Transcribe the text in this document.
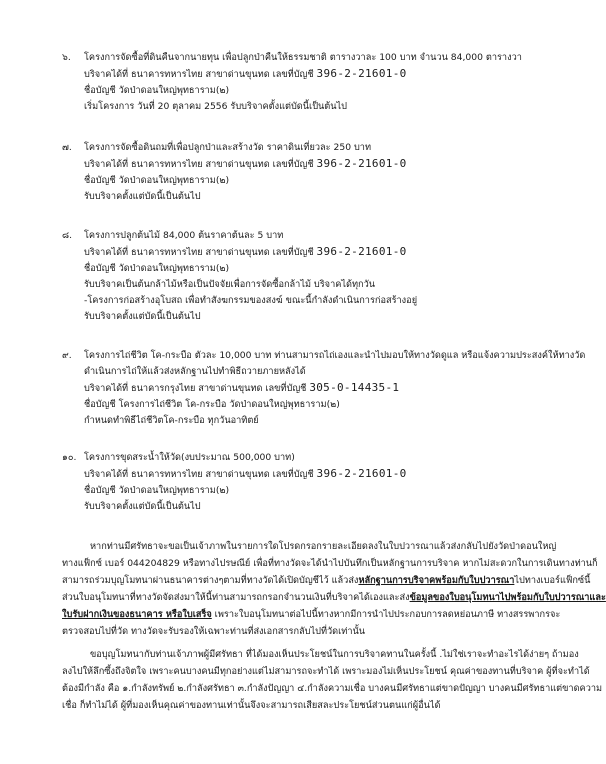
๖. โครงการจัดซื้อที่ดินคืนจากนายทุน เพื่อปลูกป่าคืนให้ธรรมชาติ ตารางวาละ 100 บาท จำนวน 84,000 ตารางวา
บริจาคได้ที่ ธนาคารทหารไทย สาขาด่านขุนทด เลขที่บัญชี 396-2-21601-0
ชื่อบัญชี วัดป่าดอนใหญ่พุทธาราม(๒)
เริ่มโครงการ วันที่ 20 ตุลาคม 2556 รับบริจาคตั้งแต่บัดนี้เป็นต้นไป
๗. โครงการจัดซื้อดินถมที่เพื่อปลูกป่าและสร้างวัด ราคาดินเที่ยวละ 250 บาท
บริจาคได้ที่ ธนาคารทหารไทย สาขาด่านขุนทด เลขที่บัญชี 396-2-21601-0
ชื่อบัญชี วัดป่าดอนใหญ่พุทธาราม(๒)
รับบริจาคตั้งแต่บัดนี้เป็นต้นไป
๘. โครงการปลูกต้นไม้ 84,000 ต้นราคาต้นละ 5 บาท
บริจาคได้ที่ ธนาคารทหารไทย สาขาด่านขุนทด เลขที่บัญชี 396-2-21601-0
ชื่อบัญชี วัดป่าดอนใหญ่พุทธาราม(๒)
รับบริจาคเป็นต้นกล้าไม้หรือเป็นปัจจัยเพื่อการจัดซื้อกล้าไม้ บริจาคได้ทุกวัน
-โครงการก่อสร้างอุโบสถ เพื่อทำสังฆกรรมของสงฆ์ ขณะนี้กำลังดำเนินการก่อสร้างอยู่
รับบริจาคตั้งแต่บัดนี้เป็นต้นไป
๙. โครงการไถ่ชีวิต โค-กระบือ ตัวละ 10,000 บาท ท่านสามารถไถ่เองและนำไปมอบให้ทางวัดดูแล หรือแจ้งความประสงค์ให้ทางวัด
ดำเนินการไถ่ให้แล้วส่งหลักฐานไปทำพิธีถวายภายหลังได้
บริจาคได้ที่ ธนาคารกรุงไทย สาขาด่านขุนทด เลขที่บัญชี 305-0-14435-1
ชื่อบัญชี โครงการไถ่ชีวิต โค-กระบือ วัดป่าดอนใหญ่พุทธาราม(๒)
กำหนดทำพิธีไถ่ชีวิตโค-กระบือ ทุกวันอาทิตย์
๑๐. โครงการขุดสระน้ำให้วัด(งบประมาณ 500,000 บาท)
บริจาคได้ที่ ธนาคารทหารไทย สาขาด่านขุนทด เลขที่บัญชี 396-2-21601-0
ชื่อบัญชี วัดป่าดอนใหญ่พุทธาราม(๒)
รับบริจาคตั้งแต่บัดนี้เป็นต้นไป
หากท่านมีศรัทธาจะขอเป็นเจ้าภาพในรายการใดโปรดกรอกรายละเอียดลงในใบปวารณาแล้วส่งกลับไปยังวัดป่าดอนใหญ่
ทางแฟ็กซ์ เบอร์ 044204829 หรือทางไปรษณีย์ เพื่อที่ทางวัดจะได้นำไปบันทึกเป็นหลักฐานการบริจาค หากไม่สะดวกในการเดินทางท่านก็
สามารถร่วมบุญโมทนาผ่านธนาคารต่างๆตามที่ทางวัดได้เปิดบัญชีไว้ แล้วส่งหลักฐานการบริจาคพร้อมกับใบปวารณาไปทางเบอร์แฟ็กซ์นี้
ส่วนใบอนุโมทนาที่ทางวัดจัดส่งมาให้นี้ท่านสามารถกรอกจำนวนเงินที่บริจาคได้เองและส่งข้อมูลของใบอนุโมทนาไปพร้อมกับใบปวารณาและ
ใบรับฝากเงินของธนาคาร หรือใบเสร็จ เพราะใบอนุโมทนาต่อไปนี้ทางหากมีการนำไปประกอบการลดหย่อนภาษี ทางสรรพากรจะ
ตรวจสอบไปที่วัด ทางวัดจะรับรองให้เฉพาะท่านที่ส่งเอกสารกลับไปที่วัดเท่านั้น
ขอบุญโมทนากับท่านเจ้าภาพผู้มีศรัทธา ที่ได้มองเห็นประโยชน์ในการบริจาคทานในครั้งนี้ .ไม่ใช่เราจะทำอะไรได้ง่ายๆ ถ้ามอง
ลงไปให้ลึกซึ้งถึงจิตใจ เพราะคนบางคนมีทุกอย่างแต่ไม่สามารถจะทำได้ เพราะมองไม่เห็นประโยชน์ คุณค่าของทานที่บริจาค ผู้ที่จะทำได้
ต้องมีกำลัง คือ ๑.กำลังทรัพย์ ๒.กำลังศรัทธา ๓.กำลังปัญญา ๔.กำลังความเชื่อ บางคนมีศรัทธาแต่ขาดปัญญา บางคนมีศรัทธาแต่ขาดความ
เชื่อ ก็ทำไม่ได้ ผู้ที่มองเห็นคุณค่าของทานเท่านั้นจึงจะสามารถเสียสละประโยชน์ส่วนตนแก่ผู้อื่นได้
